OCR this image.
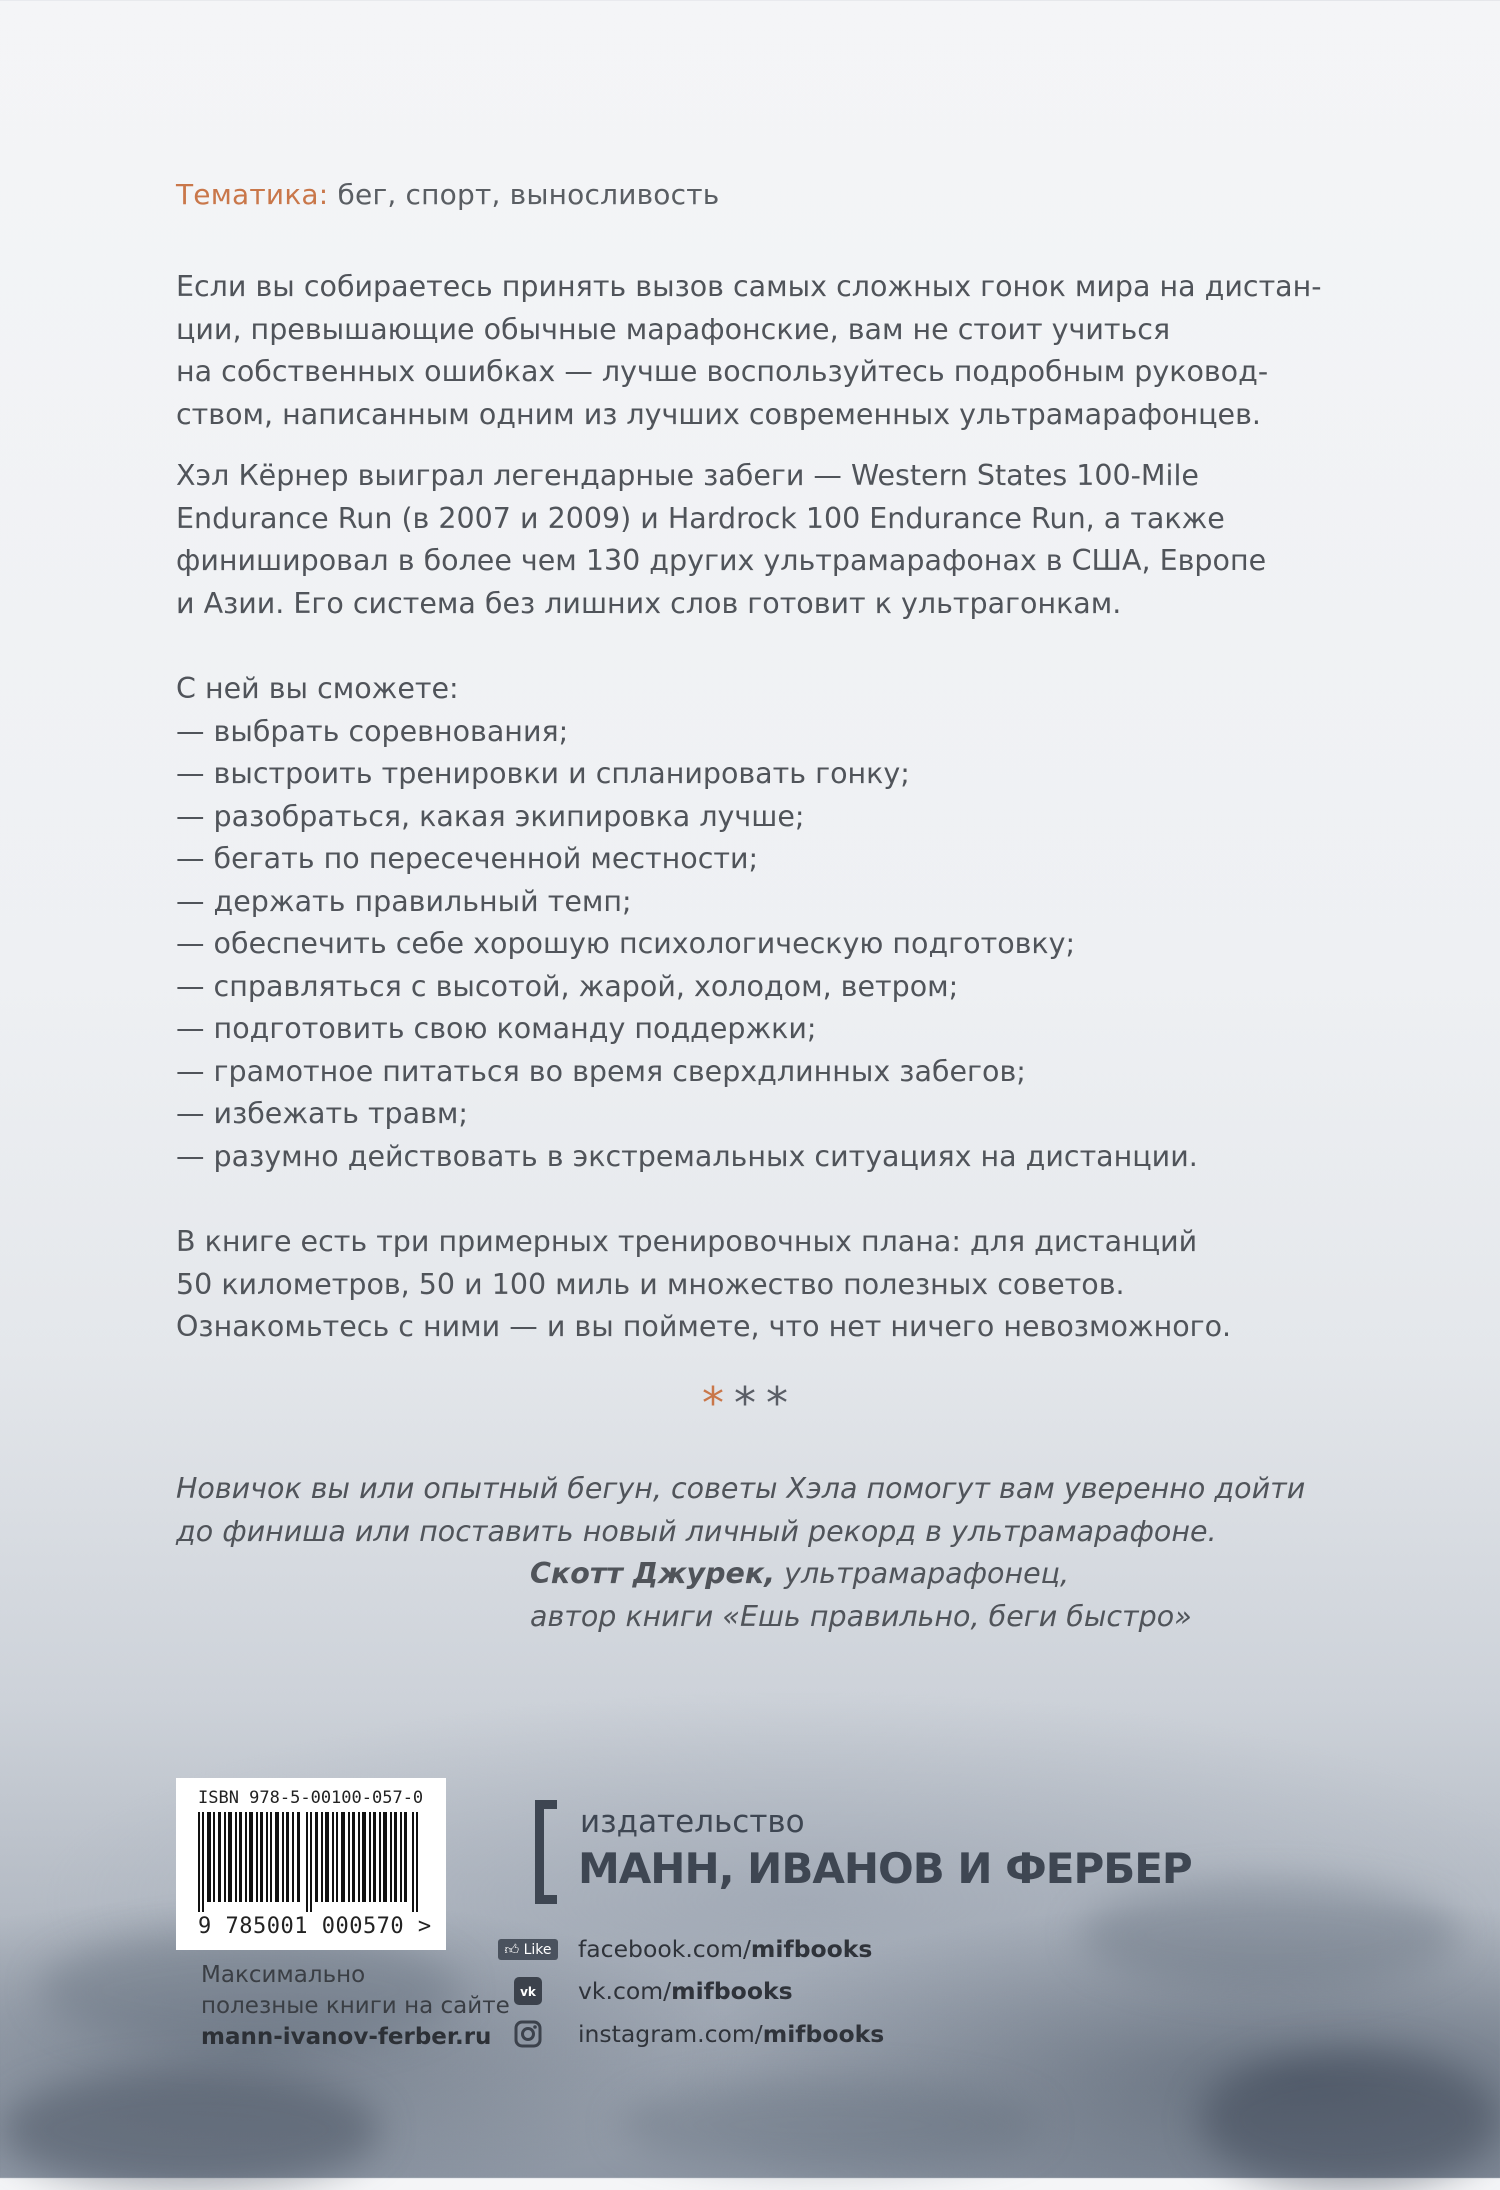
Тематика: бег, спорт, выносливость
Если вы собираетесь принять вызов самых сложных гонок мира на дистан-
ции, превышающие обычные марафонские, вам не стоит учиться
на собственных ошибках — лучше воспользуйтесь подробным руковод-
ством, написанным одним из лучших современных ультрамарафонцев.
Хэл Кёрнер выиграл легендарные забеги — Western States 100-Mile
Endurance Run (в 2007 и 2009) и Hardrock 100 Endurance Run, а также
финишировал в более чем 130 других ультрамарафонах в США, Европе
и Азии. Его система без лишних слов готовит к ультрагонкам.
С ней вы сможете:
— выбрать соревнования;
— выстроить тренировки и спланировать гонку;
— разобраться, какая экипировка лучше;
— бегать по пересеченной местности;
— держать правильный темп;
— обеспечить себе хорошую психологическую подготовку;
— справляться с высотой, жарой, холодом, ветром;
— подготовить свою команду поддержки;
— грамотное питаться во время сверхдлинных забегов;
— избежать травм;
— разумно действовать в экстремальных ситуациях на дистанции.
В книге есть три примерных тренировочных плана: для дистанций
50 километров, 50 и 100 миль и множество полезных советов.
Ознакомьтесь с ними — и вы поймете, что нет ничего невозможного.
***
Новичок вы или опытный бегун, советы Хэла помогут вам уверенно дойти
до финиша или поставить новый личный рекорд в ультрамарафоне.
Скотт Джурек, ультрамарафонец,
автор книги «Ешь правильно, беги быстро»
ISBN 978-5-00100-057-0
9 785001 000570 >
Максимально
полезные книги на сайте
mann-ivanov-ferber.ru
издательство
МАНН, ИВАНОВ И ФЕРБЕР
👍︎ Like facebook.com/ mifbooks
vk vk.com/ mifbooks
instagram.com/ mifbooks
